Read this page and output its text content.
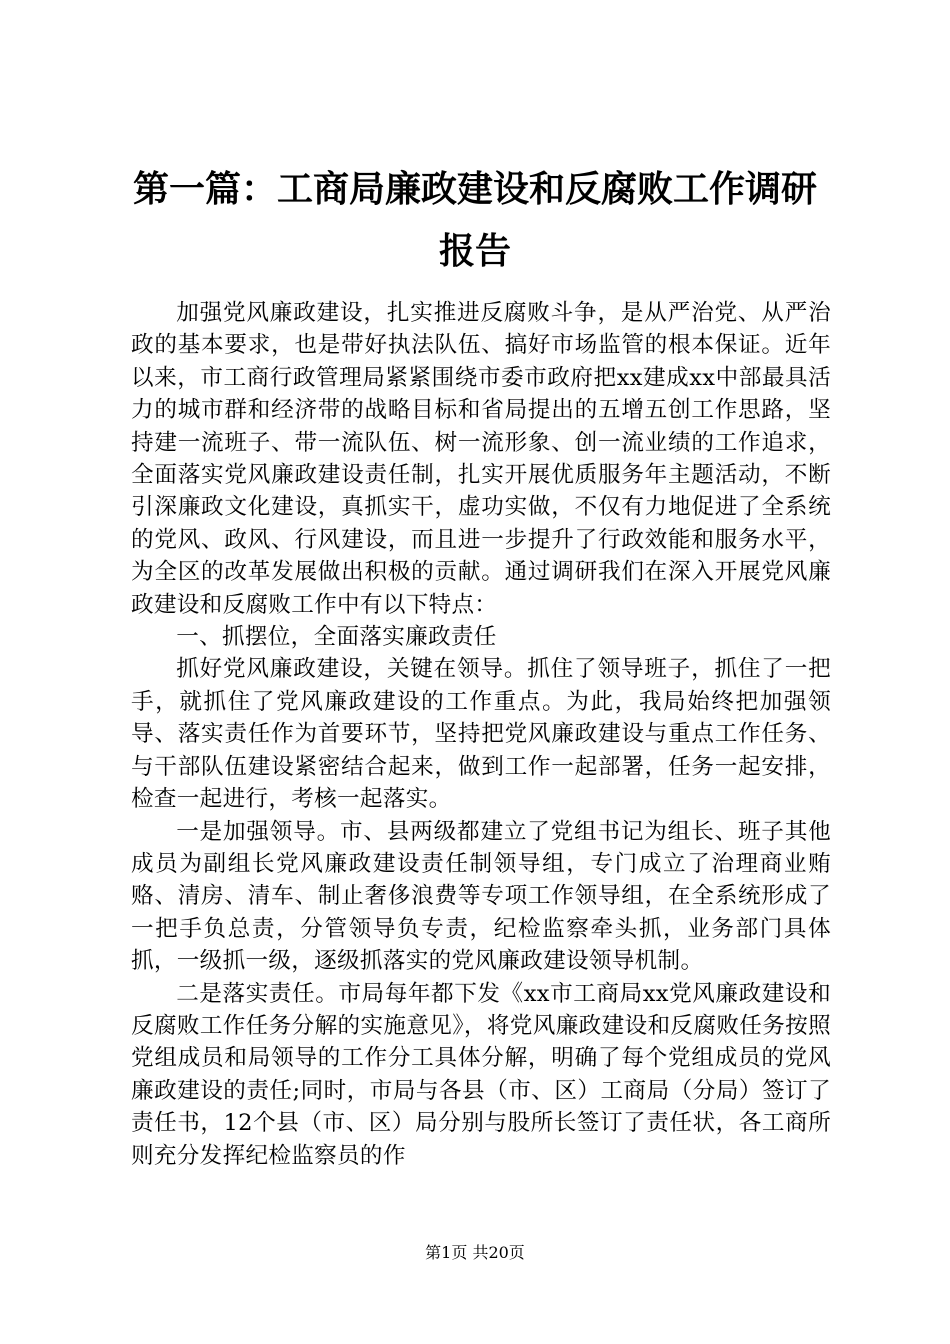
第一篇：工商局廉政建设和反腐败工作调研报告

加强党风廉政建设，扎实推进反腐败斗争，是从严治党、从严治政的基本要求，也是带好执法队伍、搞好市场监管的根本保证。近年以来，市工商行政管理局紧紧围绕市委市政府把xx建成xx中部最具活力的城市群和经济带的战略目标和省局提出的五增五创工作思路，坚持建一流班子、带一流队伍、树一流形象、创一流业绩的工作追求，全面落实党风廉政建设责任制，扎实开展优质服务年主题活动，不断引深廉政文化建设，真抓实干，虚功实做，不仅有力地促进了全系统的党风、政风、行风建设，而且进一步提升了行政效能和服务水平，为全区的改革发展做出积极的贡献。通过调研我们在深入开展党风廉政建设和反腐败工作中有以下特点：

一、抓摆位，全面落实廉政责任

抓好党风廉政建设，关键在领导。抓住了领导班子，抓住了一把手，就抓住了党风廉政建设的工作重点。为此，我局始终把加强领导、落实责任作为首要环节，坚持把党风廉政建设与重点工作任务、与干部队伍建设紧密结合起来，做到工作一起部署，任务一起安排，检查一起进行，考核一起落实。

一是加强领导。市、县两级都建立了党组书记为组长、班子其他成员为副组长党风廉政建设责任制领导组，专门成立了治理商业贿赂、清房、清车、制止奢侈浪费等专项工作领导组，在全系统形成了一把手负总责，分管领导负专责，纪检监察牵头抓，业务部门具体抓，一级抓一级，逐级抓落实的党风廉政建设领导机制。

二是落实责任。市局每年都下发《xx市工商局xx党风廉政建设和反腐败工作任务分解的实施意见》，将党风廉政建设和反腐败任务按照党组成员和局领导的工作分工具体分解，明确了每个党组成员的党风廉政建设的责任;同时，市局与各县（市、区）工商局（分局）签订了责任书，12个县（市、区）局分别与股所长签订了责任状，各工商所则充分发挥纪检监察员的作

第1页 共20页
